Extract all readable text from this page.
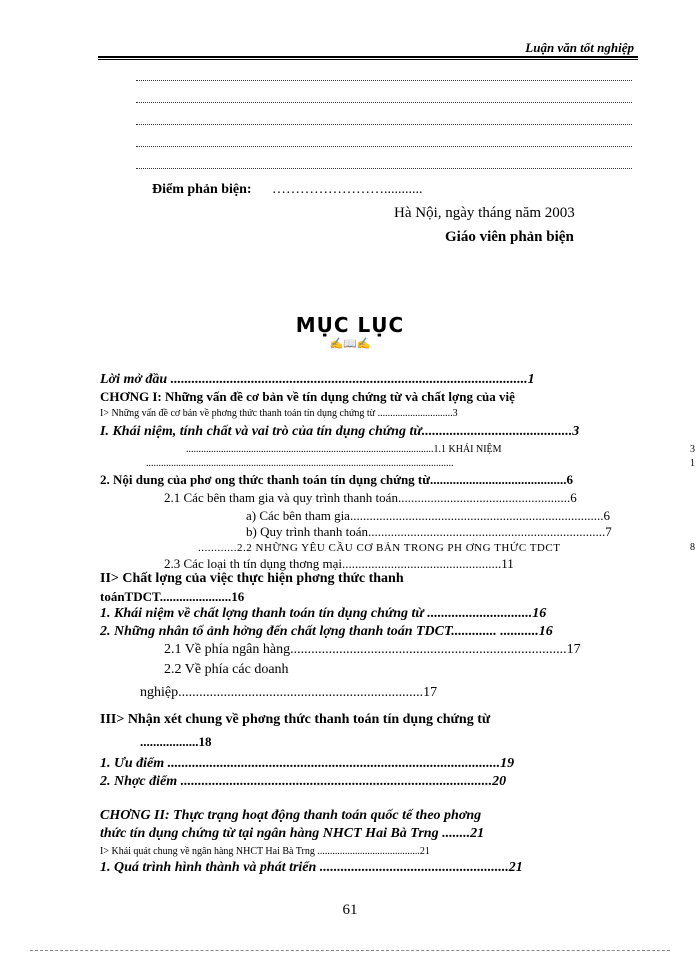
Luận văn tốt nghiệp
Điểm phản biện: ……………………...........
Hà Nội, ngày tháng năm 2003
Giáo viên phản biện
MỤC LỤC
✍📖✍
Lời mở đầu ......................................................................................................1
CHƠNG I: Những vấn đề cơ bản về tín dụng chứng từ và chất lợng của việ
I> Những vấn đề cơ bản về phơng thức thanh toán tín dụng chứng từ ..............................3
I. Khái niệm, tính chất và vai trò của tín dụng chứng từ...........................................3
...................................................................................................1.1 KHÁI NIỆM	3
...........................................................................................................................	1
2. Nội dung của phơ ong thức thanh toán tín dụng chứng từ..........................................6
2.1 Các bên tham gia và quy trình thanh toán.....................................................6
a) Các bên tham gia..............................................................................6
b) Quy trình thanh toán.........................................................................7
............2.2 NHỮNG YÊU CẦU CƠ BẢN TRONG PH ƠNG THỨC TDCT	8
2.3 Các loại th tín dụng thơng mại.................................................11
II> Chất lợng của việc thực hiện phơng thức thanh
toánTDCT......................16
1. Khái niệm về chất lợng thanh toán tín dụng chứng từ ..............................16
2. Những nhân tố ảnh hởng đến chất lợng thanh toán TDCT............. ...........16
2.1 Về phía ngân hàng...............................................................................17
2.2 Về phía các doanh
nghiệp......................................................................17
III> Nhận xét chung về phơng thức thanh toán tín dụng chứng từ
..................18
1. Ưu điểm ...............................................................................................19
2. Nhợc điểm .........................................................................................20
CHƠNG II: Thực trạng hoạt động thanh toán quốc tế theo phơng
thức tín dụng chứng từ tại ngân hàng NHCT Hai Bà Trng ........21
I> Khái quát chung về ngân hàng NHCT Hai Bà Trng .........................................21
1. Quá trình hình thành và phát triển ......................................................21
61
